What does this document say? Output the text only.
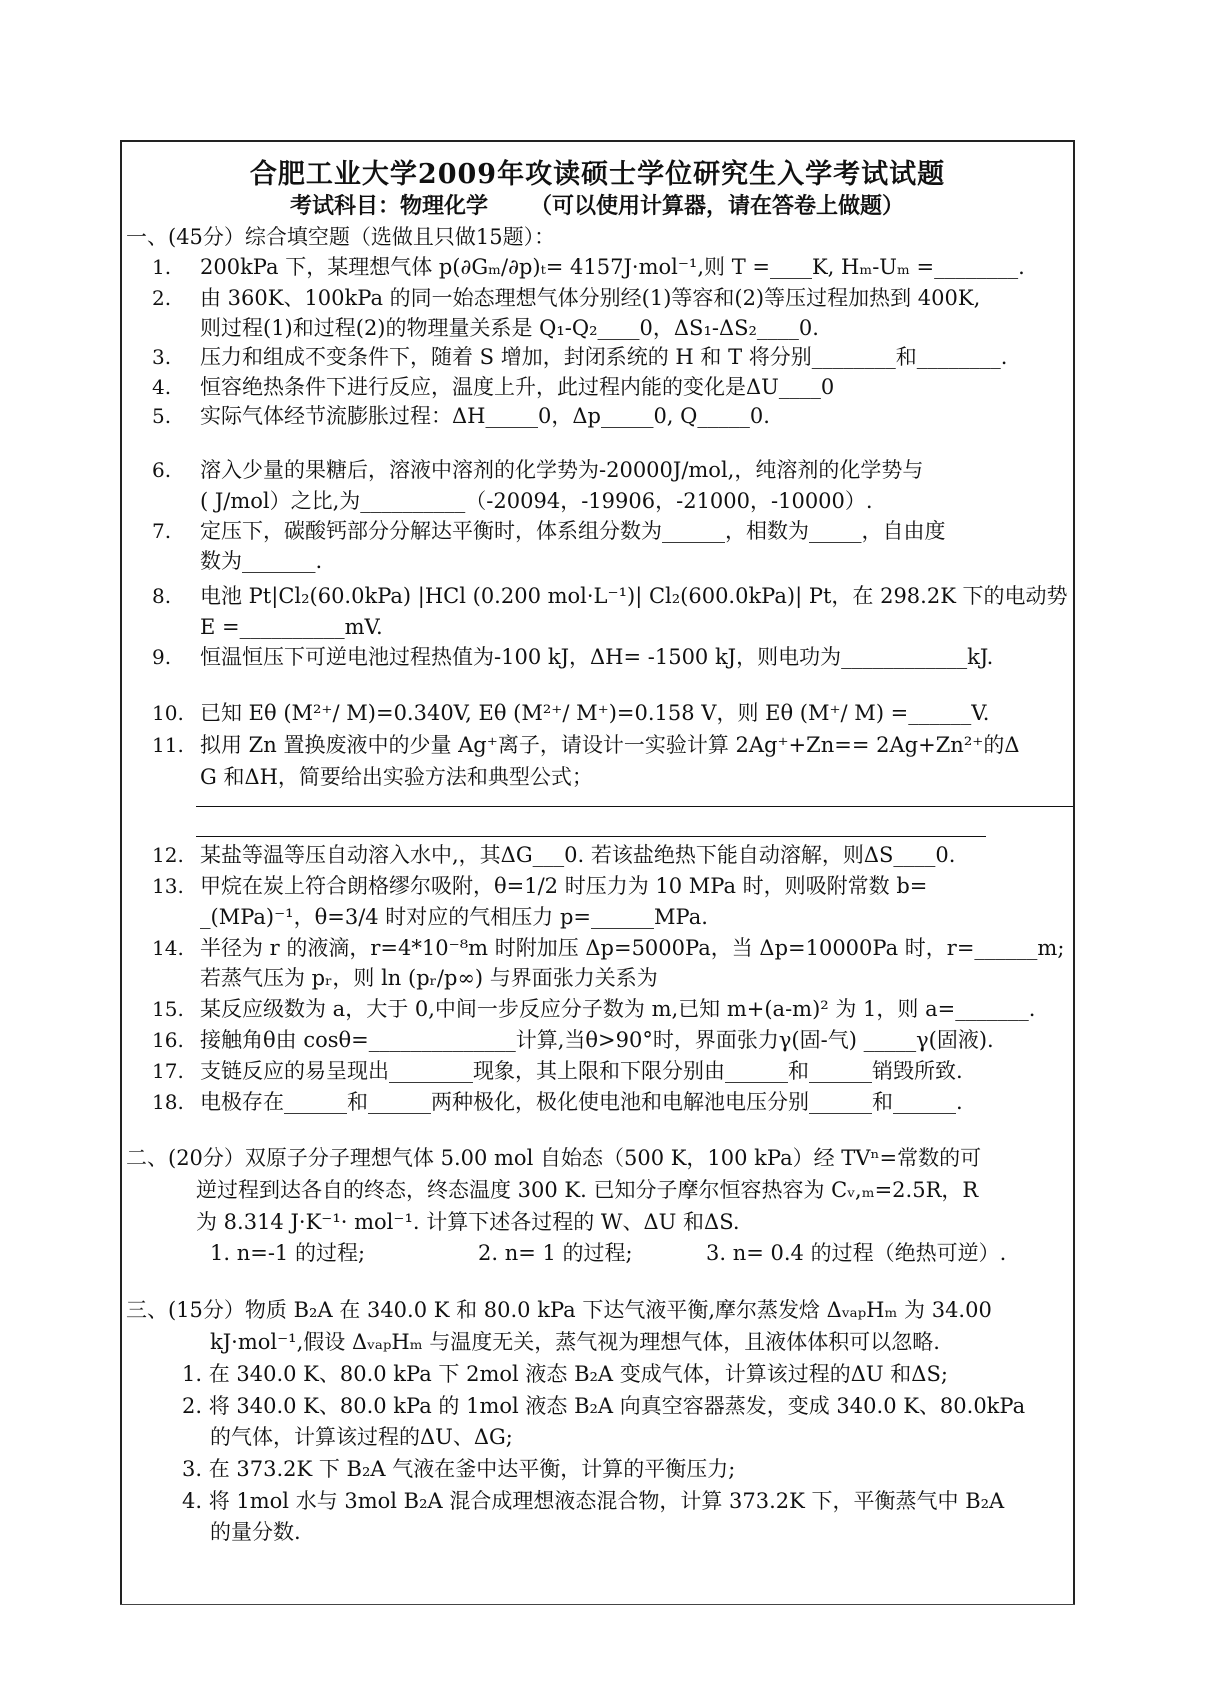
合肥工业大学2009年攻读硕士学位研究生入学考试试题
考试科目：物理化学 （可以使用计算器，请在答卷上做题）
一、(45分）综合填空题（选做且只做15题）：
1.	200kPa 下，某理想气体 p(∂Gₘ/∂p)ₜ= 4157J·mol⁻¹,则 T =____K, Hₘ-Uₘ =________.
2.	由 360K、100kPa 的同一始态理想气体分别经(1)等容和(2)等压过程加热到 400K,
则过程(1)和过程(2)的物理量关系是 Q₁-Q₂____0，ΔS₁-ΔS₂____0.
3.	压力和组成不变条件下，随着 S 增加，封闭系统的 H 和 T 将分别________和________.
4.	恒容绝热条件下进行反应，温度上升，此过程内能的变化是ΔU____0
5.	实际气体经节流膨胀过程：ΔH_____0，Δp_____0, Q_____0.
6.	溶入少量的果糖后，溶液中溶剂的化学势为-20000J/mol,，纯溶剂的化学势与
( J/mol）之比,为__________（-20094，-19906，-21000，-10000）.
7.	定压下，碳酸钙部分分解达平衡时，体系组分数为______，相数为_____，自由度
数为_______.
8.	电池 Pt|Cl₂(60.0kPa) |HCl (0.200 mol·L⁻¹)| Cl₂(600.0kPa)| Pt，在 298.2K 下的电动势
E =__________mV.
9.	恒温恒压下可逆电池过程热值为-100 kJ，ΔH= -1500 kJ，则电功为____________kJ.
10. 已知 Eθ (M²⁺/ M)=0.340V, Eθ (M²⁺/ M⁺)=0.158 V，则 Eθ (M⁺/ M) =______V.
11. 拟用 Zn 置换废液中的少量 Ag⁺离子，请设计一实验计算 2Ag⁺+Zn== 2Ag+Zn²⁺的Δ
G 和ΔH，简要给出实验方法和典型公式；
12. 某盐等温等压自动溶入水中,，其ΔG___0. 若该盐绝热下能自动溶解，则ΔS____0.
13. 甲烷在炭上符合朗格缪尔吸附，θ=1/2 时压力为 10 MPa 时，则吸附常数 b=
_(MPa)⁻¹，θ=3/4 时对应的气相压力 p=______MPa.
14. 半径为 r 的液滴，r=4*10⁻⁸m 时附加压 Δp=5000Pa，当 Δp=10000Pa 时，r=______m;
若蒸气压为 pᵣ，则 ln (pᵣ/p∞) 与界面张力关系为
15. 某反应级数为 a，大于 0,中间一步反应分子数为 m,已知 m+(a-m)² 为 1，则 a=_______.
16. 接触角θ由 cosθ=______________计算,当θ>90°时，界面张力γ(固-气) _____γ(固液).
17. 支链反应的易呈现出________现象，其上限和下限分别由______和______销毁所致.
18. 电极存在______和______两种极化，极化使电池和电解池电压分别______和______.
二、(20分）双原子分子理想气体 5.00 mol 自始态（500 K，100 kPa）经 TVⁿ=常数的可
逆过程到达各自的终态，终态温度 300 K. 已知分子摩尔恒容热容为 Cᵥ,ₘ=2.5R，R
为 8.314 J·K⁻¹· mol⁻¹. 计算下述各过程的 W、ΔU 和ΔS.
1. n=-1 的过程;	2. n= 1 的过程;	3. n= 0.4 的过程（绝热可逆）.
三、(15分）物质 B₂A 在 340.0 K 和 80.0 kPa 下达气液平衡,摩尔蒸发焓 ΔᵥₐₚHₘ 为 34.00
kJ·mol⁻¹,假设 ΔᵥₐₚHₘ 与温度无关，蒸气视为理想气体，且液体体积可以忽略.
1. 在 340.0 K、80.0 kPa 下 2mol 液态 B₂A 变成气体，计算该过程的ΔU 和ΔS;
2. 将 340.0 K、80.0 kPa 的 1mol 液态 B₂A 向真空容器蒸发，变成 340.0 K、80.0kPa
的气体，计算该过程的ΔU、ΔG;
3. 在 373.2K 下 B₂A 气液在釜中达平衡，计算的平衡压力;
4. 将 1mol 水与 3mol B₂A 混合成理想液态混合物，计算 373.2K 下，平衡蒸气中 B₂A
的量分数.
